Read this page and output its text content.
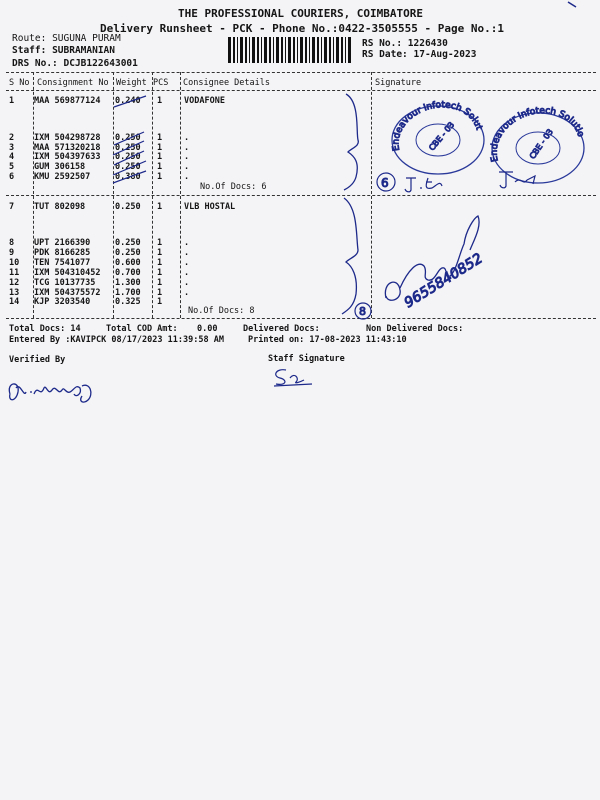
THE PROFESSIONAL COURIERS, COIMBATORE
Delivery Runsheet - PCK - Phone No.:0422-3505555 - Page No.:1
Route: SUGUNA PURAM
Staff: SUBRAMANIAN
DRS No.: DCJB122643001
RS No.: 1226430
RS Date: 17-Aug-2023
S No Consignment No Weight PCS Consignee Details	Signature
1 MAA 569877124 0.240 1	VODAFONE
2 IXM 504298728 0.250 1	.
3 MAA 571320218 0.250 1	.
4 IXM 504397633 0.250 1	.
5 GUM 306158	0.250 1	.
6 KMU 2592507	0.380 1	.
No.Of Docs: 6
7 TUT 802098	0.250 1	VLB HOSTAL
8 UPT 2166390	0.250 1	.
9 PDK 8166285	0.250 1	.
10 TEN 7541077	0.600 1	.
11 IXM 504310452 0.700 1	.
12 TCG 10137735 1.300 1	.
13 IXM 504375572 1.700 1	.
14 KJP 3203540	0.325 1
No.Of Docs: 8
Total Docs: 14	Total COD Amt: 0.00	Delivered Docs:	Non Delivered Docs:
Entered By :KAVIPCK 08/17/2023 11:39:58 AM	Printed on: 17-08-2023 11:43:10
Verified By	Staff Signature
6
8
Endeavour Infotech Solution
CBE - 03
Endeavour Infotech Solution
CBE - 03
9655840852
